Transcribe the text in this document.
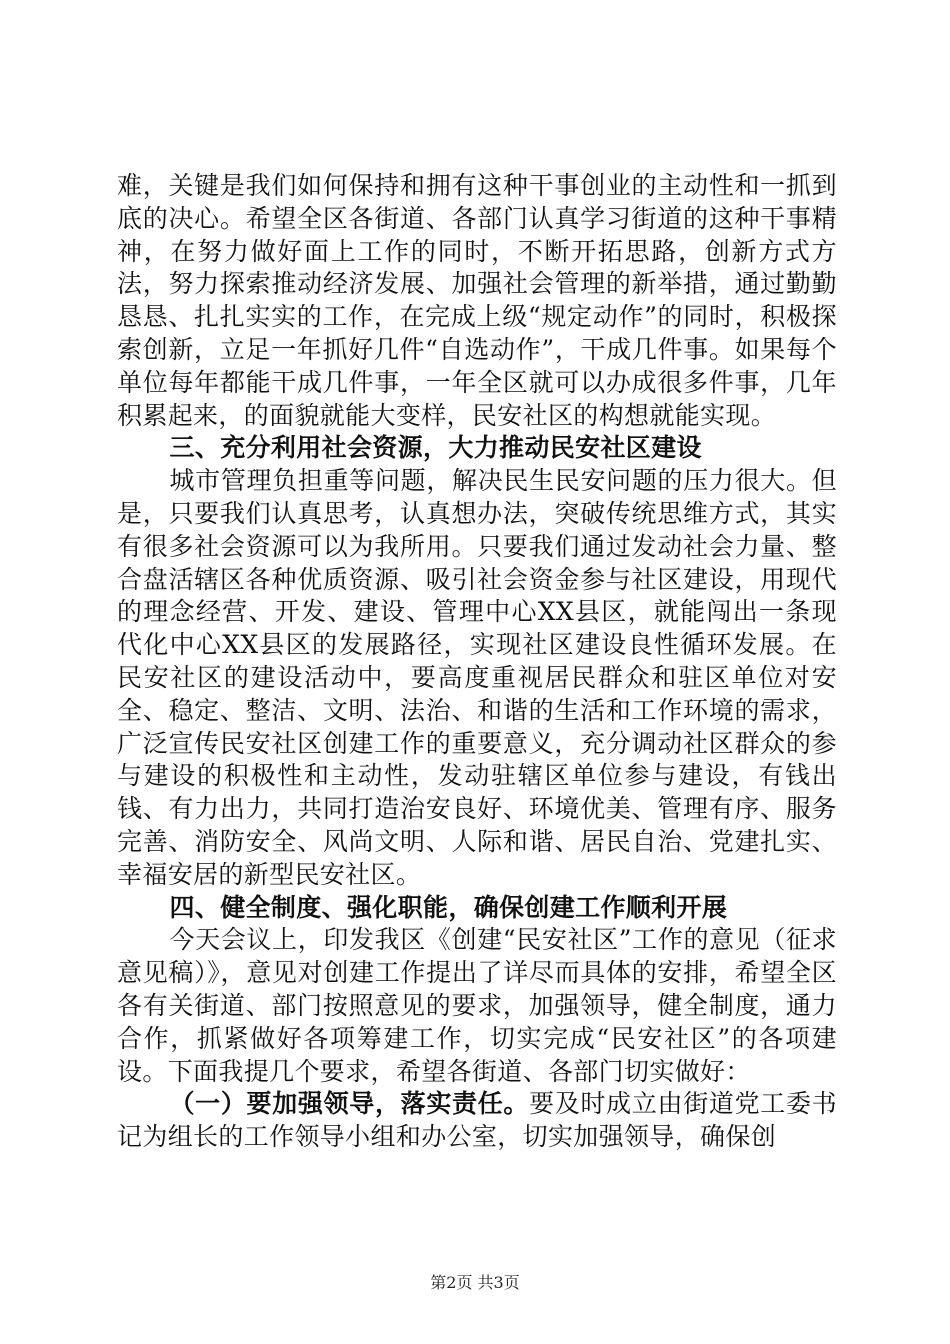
难，关键是我们如何保持和拥有这种干事创业的主动性和一抓到底的决心。希望全区各街道、各部门认真学习街道的这种干事精神，在努力做好面上工作的同时，不断开拓思路，创新方式方法，努力探索推动经济发展、加强社会管理的新举措，通过勤勤恳恳、扎扎实实的工作，在完成上级“规定动作”的同时，积极探索创新，立足一年抓好几件“自选动作”，干成几件事。如果每个单位每年都能干成几件事，一年全区就可以办成很多件事，几年积累起来，的面貌就能大变样，民安社区的构想就能实现。

三、充分利用社会资源，大力推动民安社区建设

城市管理负担重等问题，解决民生民安问题的压力很大。但是，只要我们认真思考，认真想办法，突破传统思维方式，其实有很多社会资源可以为我所用。只要我们通过发动社会力量、整合盘活辖区各种优质资源、吸引社会资金参与社区建设，用现代的理念经营、开发、建设、管理中心XX县区，就能闯出一条现代化中心XX县区的发展路径，实现社区建设良性循环发展。在民安社区的建设活动中，要高度重视居民群众和驻区单位对安全、稳定、整洁、文明、法治、和谐的生活和工作环境的需求，广泛宣传民安社区创建工作的重要意义，充分调动社区群众的参与建设的积极性和主动性，发动驻辖区单位参与建设，有钱出钱、有力出力，共同打造治安良好、环境优美、管理有序、服务完善、消防安全、风尚文明、人际和谐、居民自治、党建扎实、幸福安居的新型民安社区。

四、健全制度、强化职能，确保创建工作顺利开展

今天会议上，印发我区《创建“民安社区”工作的意见（征求意见稿）》，意见对创建工作提出了详尽而具体的安排，希望全区各有关街道、部门按照意见的要求，加强领导，健全制度，通力合作，抓紧做好各项筹建工作，切实完成“民安社区”的各项建设。下面我提几个要求，希望各街道、各部门切实做好：

（一）要加强领导，落实责任。要及时成立由街道党工委书记为组长的工作领导小组和办公室，切实加强领导，确保创

第2页 共3页
